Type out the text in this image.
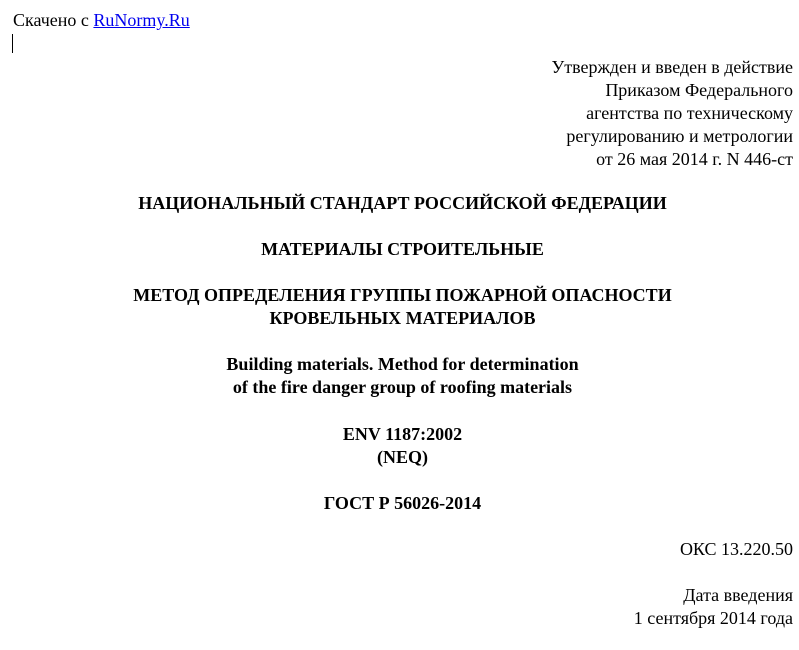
Скачено с RuNormy.Ru
Утвержден и введен в действие
Приказом Федерального
агентства по техническому
регулированию и метрологии
от 26 мая 2014 г. N 446-ст
НАЦИОНАЛЬНЫЙ СТАНДАРТ РОССИЙСКОЙ ФЕДЕРАЦИИ
МАТЕРИАЛЫ СТРОИТЕЛЬНЫЕ
МЕТОД ОПРЕДЕЛЕНИЯ ГРУППЫ ПОЖАРНОЙ ОПАСНОСТИ
КРОВЕЛЬНЫХ МАТЕРИАЛОВ
Building materials. Method for determination
of the fire danger group of roofing materials
ENV 1187:2002
(NEQ)
ГОСТ Р 56026-2014
ОКС 13.220.50
Дата введения
1 сентября 2014 года
